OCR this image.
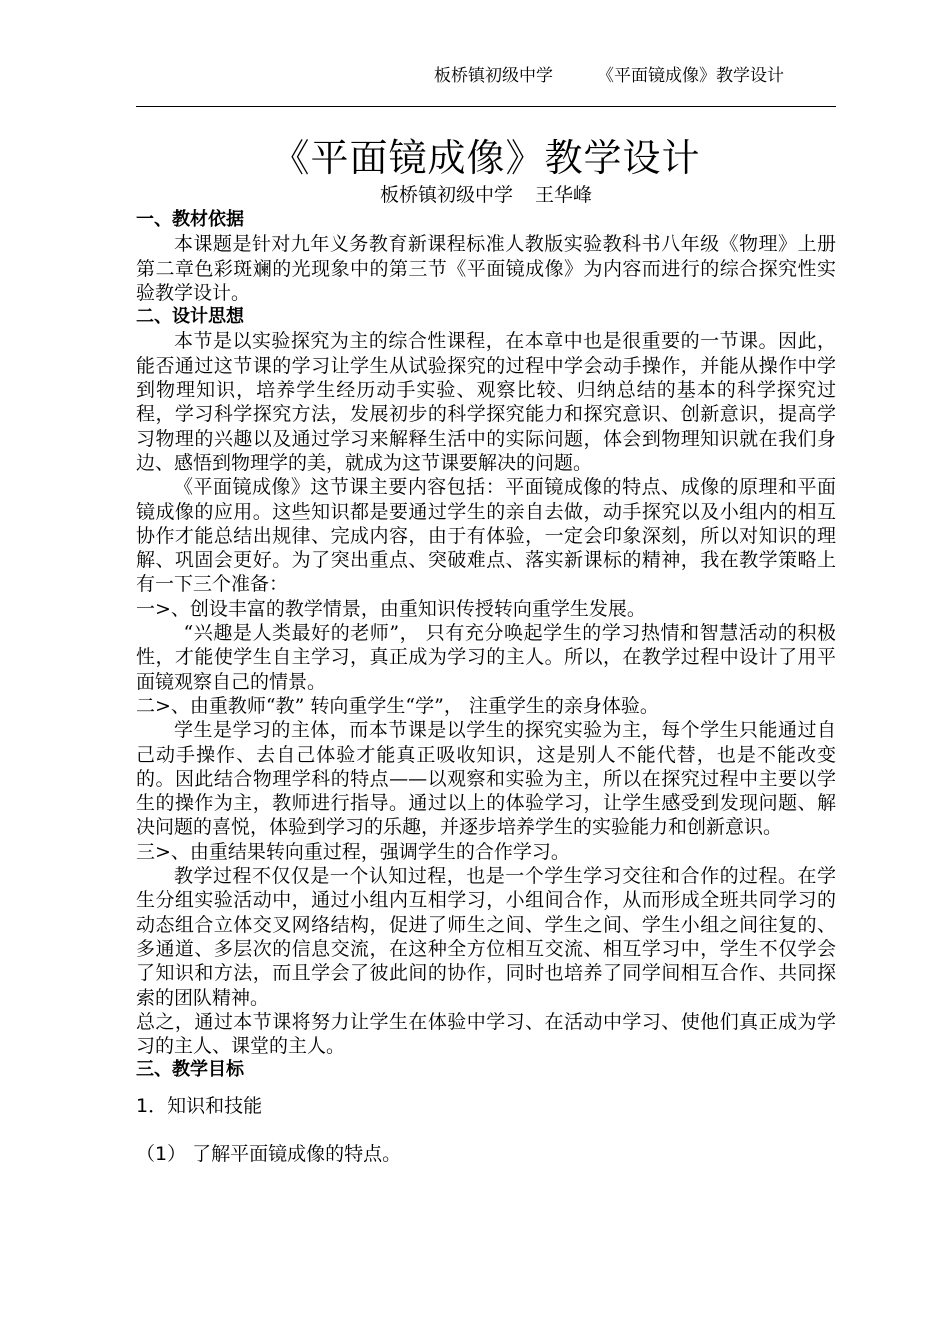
板桥镇初级中学	《平面镜成像》教学设计
《平面镜成像》教学设计
板桥镇初级中学 王华峰
一、教材依据

本课题是针对九年义务教育新课程标准人教版实验教科书八年级《物理》上册第二章色彩斑斓的光现象中的第三节《平面镜成像》为内容而进行的综合探究性实验教学设计。

二、设计思想

本节是以实验探究为主的综合性课程，在本章中也是很重要的一节课。因此，能否通过这节课的学习让学生从试验探究的过程中学会动手操作，并能从操作中学到物理知识，培养学生经历动手实验、观察比较、归纳总结的基本的科学探究过程，学习科学探究方法，发展初步的科学探究能力和探究意识、创新意识，提高学习物理的兴趣以及通过学习来解释生活中的实际问题，体会到物理知识就在我们身边、感悟到物理学的美，就成为这节课要解决的问题。

《平面镜成像》这节课主要内容包括：平面镜成像的特点、成像的原理和平面镜成像的应用。这些知识都是要通过学生的亲自去做，动手探究以及小组内的相互协作才能总结出规律、完成内容，由于有体验，一定会印象深刻，所以对知识的理解、巩固会更好。为了突出重点、突破难点、落实新课标的精神，我在教学策略上有一下三个准备：

一>、创设丰富的教学情景，由重知识传授转向重学生发展。

“兴趣是人类最好的老师”， 只有充分唤起学生的学习热情和智慧活动的积极性，才能使学生自主学习，真正成为学习的主人。所以，在教学过程中设计了用平面镜观察自己的情景。

二>、由重教师“教” 转向重学生“学”， 注重学生的亲身体验。

学生是学习的主体，而本节课是以学生的探究实验为主，每个学生只能通过自己动手操作、去自己体验才能真正吸收知识，这是别人不能代替，也是不能改变的。因此结合物理学科的特点——以观察和实验为主，所以在探究过程中主要以学生的操作为主，教师进行指导。通过以上的体验学习，让学生感受到发现问题、解决问题的喜悦，体验到学习的乐趣，并逐步培养学生的实验能力和创新意识。

三>、由重结果转向重过程，强调学生的合作学习。

教学过程不仅仅是一个认知过程，也是一个学生学习交往和合作的过程。在学生分组实验活动中，通过小组内互相学习，小组间合作，从而形成全班共同学习的动态组合立体交叉网络结构，促进了师生之间、学生之间、学生小组之间往复的、多通道、多层次的信息交流，在这种全方位相互交流、相互学习中，学生不仅学会了知识和方法，而且学会了彼此间的协作，同时也培养了同学间相互合作、共同探索的团队精神。

总之，通过本节课将努力让学生在体验中学习、在活动中学习、使他们真正成为学习的主人、课堂的主人。

三、教学目标
1．知识和技能
（1） 了解平面镜成像的特点。
